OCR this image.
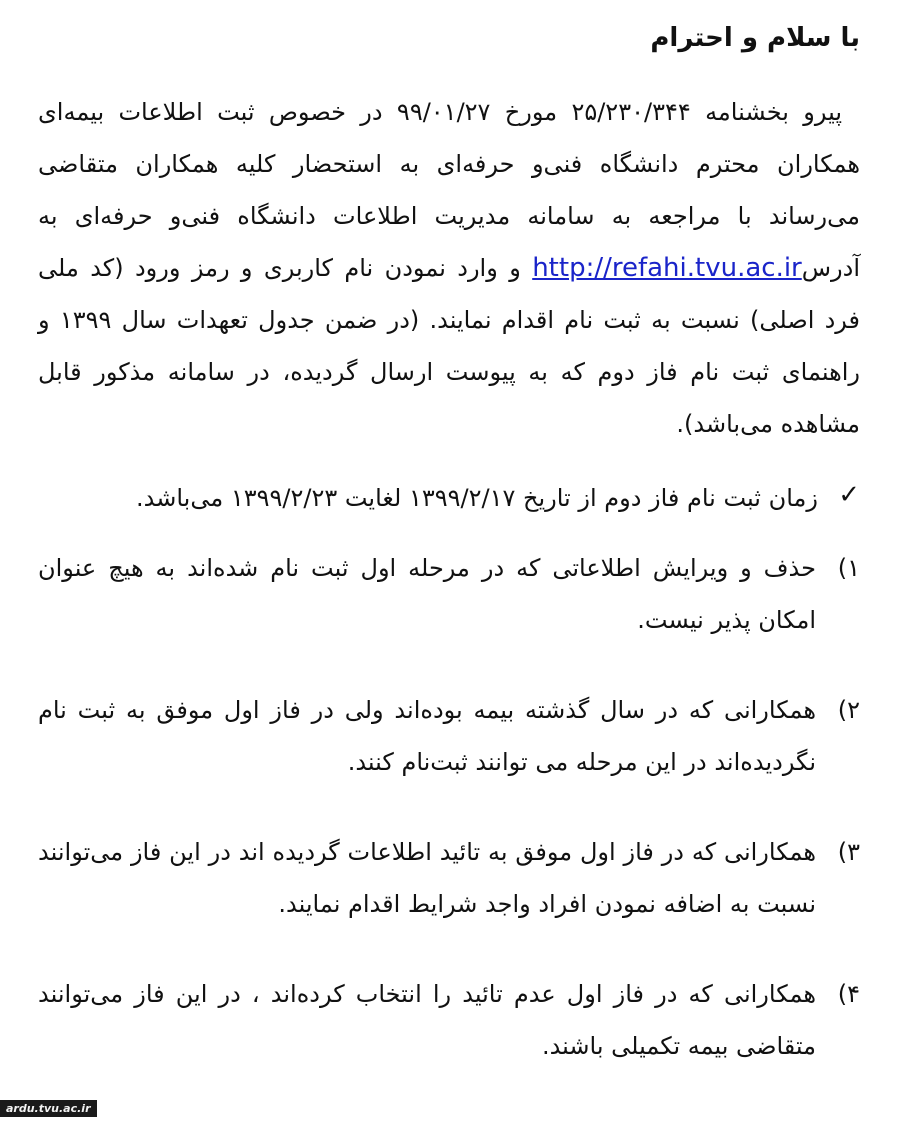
با سلام و احترام

پیرو بخشنامه ۲۵/۲۳۰/۳۴۴ مورخ ۹۹/۰۱/۲۷ در خصوص ثبت اطلاعات بیمه‌ای همکاران محترم دانشگاه فنی‌و حرفه‌ای به استحضار کلیه همکاران متقاضی می‌رساند با مراجعه به سامانه مدیریت اطلاعات دانشگاه فنی‌و حرفه‌ای به آدرسhttp://refahi.tvu.ac.ir و وارد نمودن نام کاربری و رمز ورود (کد ملی فرد اصلی) نسبت به ثبت نام اقدام نمایند. (در ضمن جدول تعهدات سال ۱۳۹۹ و راهنمای ثبت نام فاز دوم که به پیوست ارسال گردیده، در سامانه مذکور قابل مشاهده می‌باشد).

✓
زمان ثبت نام فاز دوم از تاریخ ۱۳۹۹/۲/۱۷ لغایت ۱۳۹۹/۲/۲۳ می‌باشد.
۱)
حذف و ویرایش اطلاعاتی که در مرحله اول ثبت نام شده‌اند به هیچ عنوان امکان پذیر نیست.
۲)
همکارانی که در سال گذشته بیمه بوده‌اند ولی در فاز اول موفق به ثبت نام نگردیده‌اند در این مرحله می توانند ثبت‌نام کنند.
۳)
همکارانی که در فاز اول موفق به تائید اطلاعات گردیده اند در این فاز می‌توانند نسبت به اضافه نمودن افراد واجد شرایط اقدام نمایند.
۴)
همکارانی که در فاز اول عدم تائید را انتخاب کرده‌اند ، در این فاز می‌توانند متقاضی بیمه تکمیلی باشند.
ardu.tvu.ac.ir
